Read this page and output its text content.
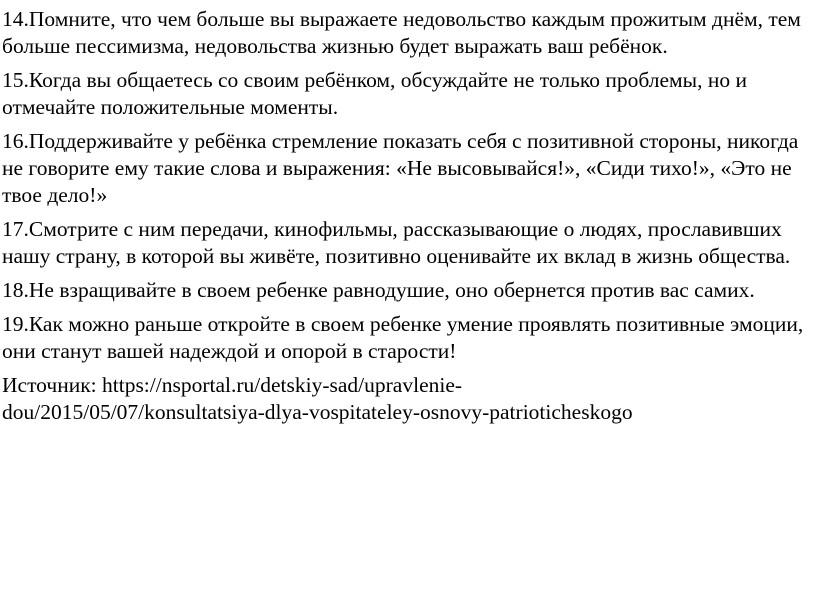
14.Помните, что чем больше вы выражаете недовольство каждым прожитым днём, тем больше пессимизма, недовольства жизнью будет выражать ваш ребёнок.

15.Когда вы общаетесь со своим ребёнком, обсуждайте не только проблемы, но и отмечайте положительные моменты.

16.Поддерживайте у ребёнка стремление показать себя с позитивной стороны, никогда не говорите ему такие слова и выражения: «Не высовывайся!», «Сиди тихо!», «Это не твое дело!»

17.Смотрите с ним передачи, кинофильмы, рассказывающие о людях, прославивших нашу страну, в которой вы живёте, позитивно оценивайте их вклад в жизнь общества.

18.Не взращивайте в своем ребенке равнодушие, оно обернется против вас самих.

19.Как можно раньше откройте в своем ребенке умение проявлять позитивные эмоции, они станут вашей надеждой и опорой в старости!

Источник: https://nsportal.ru/detskiy-sad/upravlenie-
dou/2015/05/07/konsultatsiya-dlya-vospitateley-osnovy-patrioticheskogo
